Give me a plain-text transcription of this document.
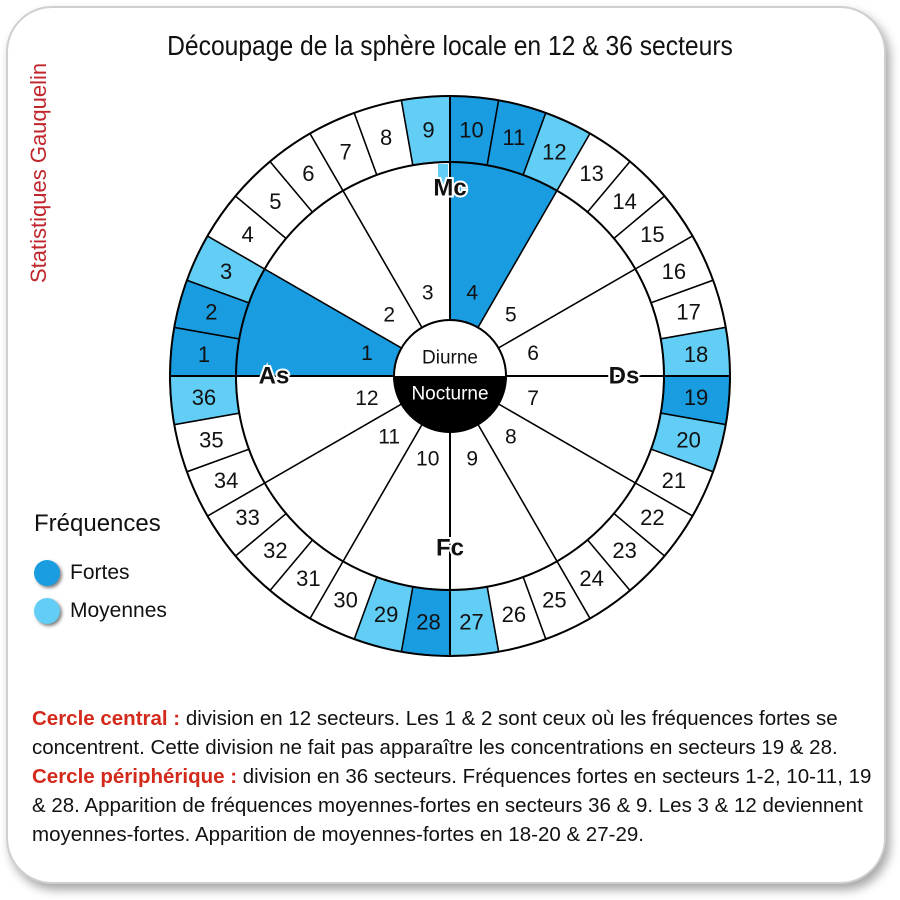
Découpage de la sphère locale en 12 & 36 secteurs
Statistiques Gauquelin
1
2
3
4
5
6
7
8 9 10 11
12
13
14
15
16
17
18
19
20
21
22
23
24
25
26
27
28
29
30
31
32
33
34
35
36
1
2
3 4
5
6
7
8
9
10
11
12
As	Ds
Mc
Fc
Diurne
Nocturne
Fréquences
Fortes
Moyennes

Cercle central : division en 12 secteurs. Les 1 & 2 sont ceux où les fréquences fortes se concentrent. Cette division ne fait pas apparaître les concentrations en secteurs 19 & 28.

Cercle périphérique : division en 36 secteurs. Fréquences fortes en secteurs 1-2, 10-11, 19 & 28. Apparition de fréquences moyennes-fortes en secteurs 36 & 9. Les 3 & 12 deviennent moyennes-fortes. Apparition de moyennes-fortes en 18-20 & 27-29.
